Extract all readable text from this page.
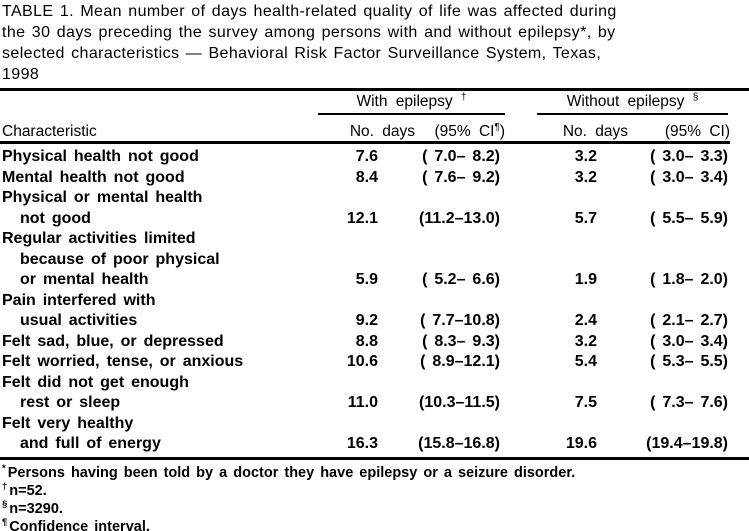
TABLE 1. Mean number of days health-related quality of life was affected during
the 30 days preceding the survey among persons with and without epilepsy*, by
selected characteristics — Behavioral Risk Factor Surveillance System, Texas,
1998

	With epilepsy †		Without epilepsy §

Characteristic	No. days	(95% CI¶)	No. days	(95% CI)
Physical health not good	7.6	( 7.0– 8.2)	3.2	( 3.0– 3.3)
Mental health not good	8.4	( 7.6– 9.2)	3.2	( 3.0– 3.4)
Physical or mental health				
not good	12.1	(11.2–13.0)	5.7	( 5.5– 5.9)
Regular activities limited				
because of poor physical				
or mental health	5.9	( 5.2– 6.6)	1.9	( 1.8– 2.0)
Pain interfered with				
usual activities	9.2	( 7.7–10.8)	2.4	( 2.1– 2.7)
Felt sad, blue, or depressed	8.8	( 8.3– 9.3)	3.2	( 3.0– 3.4)
Felt worried, tense, or anxious	10.6	( 8.9–12.1)	5.4	( 5.3– 5.5)
Felt did not get enough				
rest or sleep	11.0	(10.3–11.5)	7.5	( 7.3– 7.6)
Felt very healthy				
and full of energy	16.3	(15.8–16.8)	19.6	(19.4–19.8)
* Persons having been told by a doctor they have epilepsy or a seizure disorder.
† n=52.
§ n=3290.
¶ Confidence interval.
